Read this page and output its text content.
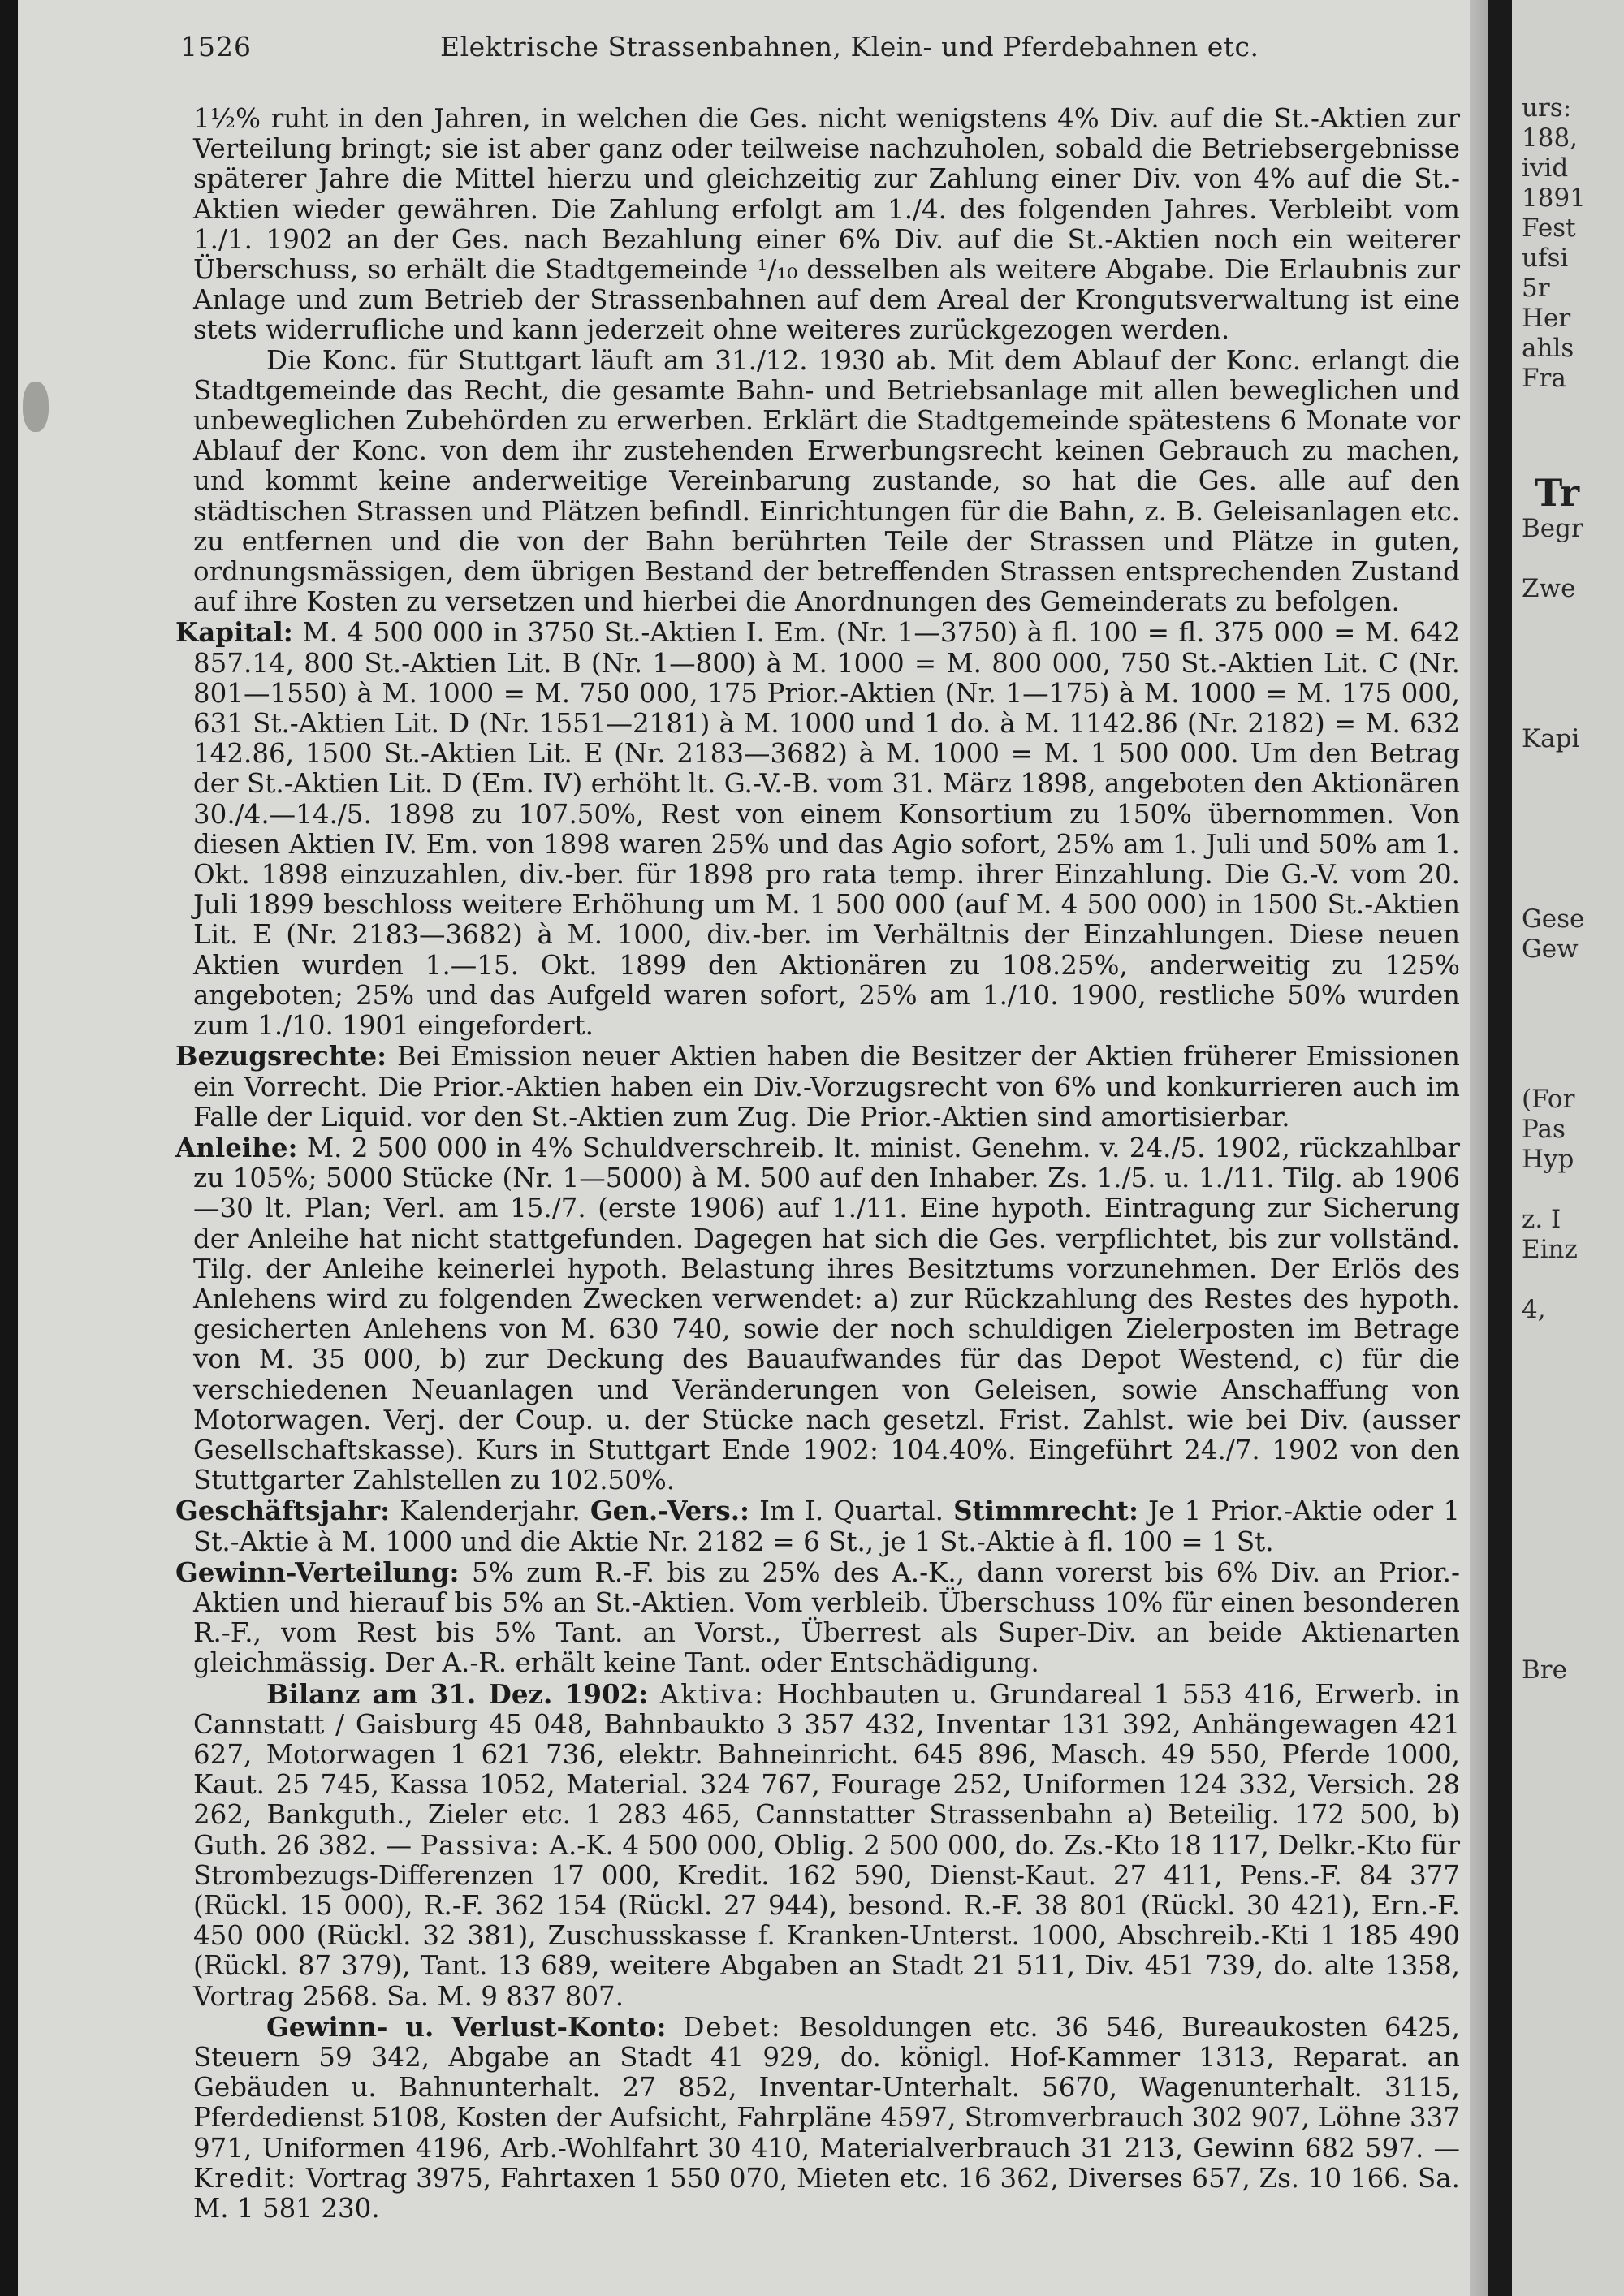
1526	Elektrische Strassenbahnen, Klein- und Pferdebahnen etc.

1½% ruht in den Jahren, in welchen die Ges. nicht wenigstens 4% Div. auf die St.-Aktien zur Verteilung bringt; sie ist aber ganz oder teilweise nachzuholen, sobald die Betriebsergebnisse späterer Jahre die Mittel hierzu und gleichzeitig zur Zahlung einer Div. von 4% auf die St.-Aktien wieder gewähren. Die Zahlung erfolgt am 1./4. des folgenden Jahres. Verbleibt vom 1./1. 1902 an der Ges. nach Bezahlung einer 6% Div. auf die St.-Aktien noch ein weiterer Überschuss, so erhält die Stadtgemeinde ¹/₁₀ desselben als weitere Abgabe. Die Erlaubnis zur Anlage und zum Betrieb der Strassenbahnen auf dem Areal der Krongutsverwaltung ist eine stets widerrufliche und kann jederzeit ohne weiteres zurückgezogen werden.

Die Konc. für Stuttgart läuft am 31./12. 1930 ab. Mit dem Ablauf der Konc. erlangt die Stadtgemeinde das Recht, die gesamte Bahn- und Betriebsanlage mit allen beweglichen und unbeweglichen Zubehörden zu erwerben. Erklärt die Stadtgemeinde spätestens 6 Monate vor Ablauf der Konc. von dem ihr zustehenden Erwerbungsrecht keinen Gebrauch zu machen, und kommt keine anderweitige Vereinbarung zustande, so hat die Ges. alle auf den städtischen Strassen und Plätzen befindl. Einrichtungen für die Bahn, z. B. Geleisanlagen etc. zu entfernen und die von der Bahn berührten Teile der Strassen und Plätze in guten, ordnungsmässigen, dem übrigen Bestand der betreffenden Strassen entsprechenden Zustand auf ihre Kosten zu versetzen und hierbei die Anordnungen des Gemeinderats zu befolgen.

Kapital: M. 4 500 000 in 3750 St.-Aktien I. Em. (Nr. 1—3750) à fl. 100 = fl. 375 000 = M. 642 857.14, 800 St.-Aktien Lit. B (Nr. 1—800) à M. 1000 = M. 800 000, 750 St.-Aktien Lit. C (Nr. 801—1550) à M. 1000 = M. 750 000, 175 Prior.-Aktien (Nr. 1—175) à M. 1000 = M. 175 000, 631 St.-Aktien Lit. D (Nr. 1551—2181) à M. 1000 und 1 do. à M. 1142.86 (Nr. 2182) = M. 632 142.86, 1500 St.-Aktien Lit. E (Nr. 2183—3682) à M. 1000 = M. 1 500 000. Um den Betrag der St.-Aktien Lit. D (Em. IV) erhöht lt. G.-V.-B. vom 31. März 1898, angeboten den Aktionären 30./4.—14./5. 1898 zu 107.50%, Rest von einem Konsortium zu 150% übernommen. Von diesen Aktien IV. Em. von 1898 waren 25% und das Agio sofort, 25% am 1. Juli und 50% am 1. Okt. 1898 einzuzahlen, div.-ber. für 1898 pro rata temp. ihrer Einzahlung. Die G.-V. vom 20. Juli 1899 beschloss weitere Erhöhung um M. 1 500 000 (auf M. 4 500 000) in 1500 St.-Aktien Lit. E (Nr. 2183—3682) à M. 1000, div.-ber. im Verhältnis der Einzahlungen. Diese neuen Aktien wurden 1.—15. Okt. 1899 den Aktionären zu 108.25%, anderweitig zu 125% angeboten; 25% und das Aufgeld waren sofort, 25% am 1./10. 1900, restliche 50% wurden zum 1./10. 1901 eingefordert.

Bezugsrechte: Bei Emission neuer Aktien haben die Besitzer der Aktien früherer Emissionen ein Vorrecht. Die Prior.-Aktien haben ein Div.-Vorzugsrecht von 6% und konkurrieren auch im Falle der Liquid. vor den St.-Aktien zum Zug. Die Prior.-Aktien sind amortisierbar.

Anleihe: M. 2 500 000 in 4% Schuldverschreib. lt. minist. Genehm. v. 24./5. 1902, rückzahlbar zu 105%; 5000 Stücke (Nr. 1—5000) à M. 500 auf den Inhaber. Zs. 1./5. u. 1./11. Tilg. ab 1906—30 lt. Plan; Verl. am 15./7. (erste 1906) auf 1./11. Eine hypoth. Eintragung zur Sicherung der Anleihe hat nicht stattgefunden. Dagegen hat sich die Ges. verpflichtet, bis zur vollständ. Tilg. der Anleihe keinerlei hypoth. Belastung ihres Besitztums vorzunehmen. Der Erlös des Anlehens wird zu folgenden Zwecken verwendet: a) zur Rückzahlung des Restes des hypoth. gesicherten Anlehens von M. 630 740, sowie der noch schuldigen Zielerposten im Betrage von M. 35 000, b) zur Deckung des Bauaufwandes für das Depot Westend, c) für die verschiedenen Neuanlagen und Veränderungen von Geleisen, sowie Anschaffung von Motorwagen. Verj. der Coup. u. der Stücke nach gesetzl. Frist. Zahlst. wie bei Div. (ausser Gesellschaftskasse). Kurs in Stuttgart Ende 1902: 104.40%. Eingeführt 24./7. 1902 von den Stuttgarter Zahlstellen zu 102.50%.

Geschäftsjahr: Kalenderjahr. Gen.-Vers.: Im I. Quartal. Stimmrecht: Je 1 Prior.-Aktie oder 1 St.-Aktie à M. 1000 und die Aktie Nr. 2182 = 6 St., je 1 St.-Aktie à fl. 100 = 1 St.

Gewinn-Verteilung: 5% zum R.-F. bis zu 25% des A.-K., dann vorerst bis 6% Div. an Prior.-Aktien und hierauf bis 5% an St.-Aktien. Vom verbleib. Überschuss 10% für einen besonderen R.-F., vom Rest bis 5% Tant. an Vorst., Überrest als Super-Div. an beide Aktienarten gleichmässig. Der A.-R. erhält keine Tant. oder Entschädigung.

Bilanz am 31. Dez. 1902: Aktiva: Hochbauten u. Grundareal 1 553 416, Erwerb. in Cannstatt / Gaisburg 45 048, Bahnbaukto 3 357 432, Inventar 131 392, Anhängewagen 421 627, Motorwagen 1 621 736, elektr. Bahneinricht. 645 896, Masch. 49 550, Pferde 1000, Kaut. 25 745, Kassa 1052, Material. 324 767, Fourage 252, Uniformen 124 332, Versich. 28 262, Bankguth., Zieler etc. 1 283 465, Cannstatter Strassenbahn a) Beteilig. 172 500, b) Guth. 26 382. — Passiva: A.-K. 4 500 000, Oblig. 2 500 000, do. Zs.-Kto 18 117, Delkr.-Kto für Strombezugs-Differenzen 17 000, Kredit. 162 590, Dienst-Kaut. 27 411, Pens.-F. 84 377 (Rückl. 15 000), R.-F. 362 154 (Rückl. 27 944), besond. R.-F. 38 801 (Rückl. 30 421), Ern.-F. 450 000 (Rückl. 32 381), Zuschusskasse f. Kranken-Unterst. 1000, Abschreib.-Kti 1 185 490 (Rückl. 87 379), Tant. 13 689, weitere Abgaben an Stadt 21 511, Div. 451 739, do. alte 1358, Vortrag 2568. Sa. M. 9 837 807.

Gewinn- u. Verlust-Konto: Debet: Besoldungen etc. 36 546, Bureaukosten 6425, Steuern 59 342, Abgabe an Stadt 41 929, do. königl. Hof-Kammer 1313, Reparat. an Gebäuden u. Bahnunterhalt. 27 852, Inventar-Unterhalt. 5670, Wagenunterhalt. 3115, Pferdedienst 5108, Kosten der Aufsicht, Fahrpläne 4597, Stromverbrauch 302 907, Löhne 337 971, Uniformen 4196, Arb.-Wohlfahrt 30 410, Materialverbrauch 31 213, Gewinn 682 597. — Kredit: Vortrag 3975, Fahrtaxen 1 550 070, Mieten etc. 16 362, Diverses 657, Zs. 10 166. Sa. M. 1 581 230.

urs:
188,
ivid
1891
Fest
ufsi
5r
Her
ahls
Fra
Begr
Zwe
Kapi
Gese
Gew
(For
Pas
Hyp
z. I
Einz
4,
Bre
Tr
